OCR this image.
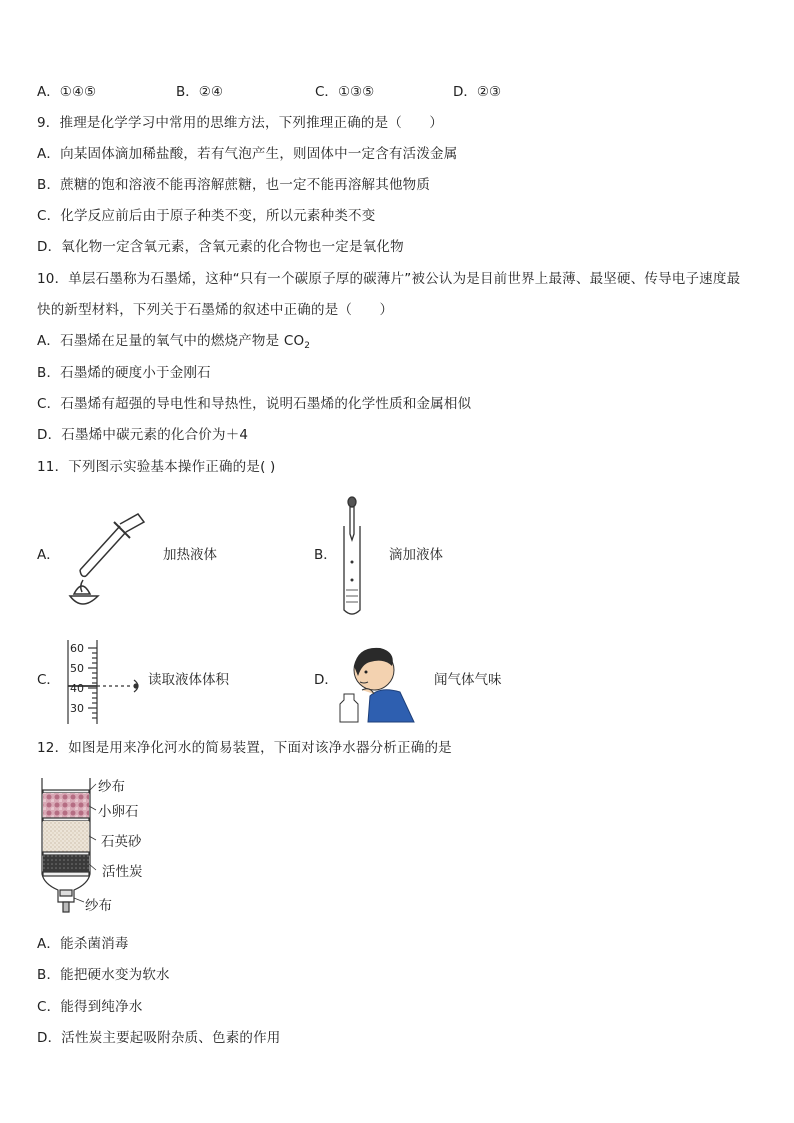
A．①④⑤	B．②④	C．①③⑤	D．②③
9．推理是化学学习中常用的思维方法，下列推理正确的是（　　）
A．向某固体滴加稀盐酸，若有气泡产生，则固体中一定含有活泼金属
B．蔗糖的饱和溶液不能再溶解蔗糖，也一定不能再溶解其他物质
C．化学反应前后由于原子种类不变，所以元素种类不变
D．氧化物一定含氧元素，含氧元素的化合物也一定是氧化物
10．单层石墨称为石墨烯，这种“只有一个碳原子厚的碳薄片”被公认为是目前世界上最薄、最坚硬、传导电子速度最
快的新型材料，下列关于石墨烯的叙述中正确的是（　　）
A．石墨烯在足量的氧气中的燃烧产物是 $CO_2$
B．石墨烯的硬度小于金刚石
C．石墨烯有超强的导电性和导热性，说明石墨烯的化学性质和金属相似
D．石墨烯中碳元素的化合价为＋4
11．下列图示实验基本操作正确的是( )
A．	加热液体	B．	滴加液体
C．
60
50
40
30
读取液体体积	D．	闻气体气味
12．如图是用来净化河水的简易装置，下面对该净水器分析正确的是
纱布
小卵石
石英砂
活性炭
纱布
A．能杀菌消毒
B．能把硬水变为软水
C．能得到纯净水
D．活性炭主要起吸附杂质、色素的作用
